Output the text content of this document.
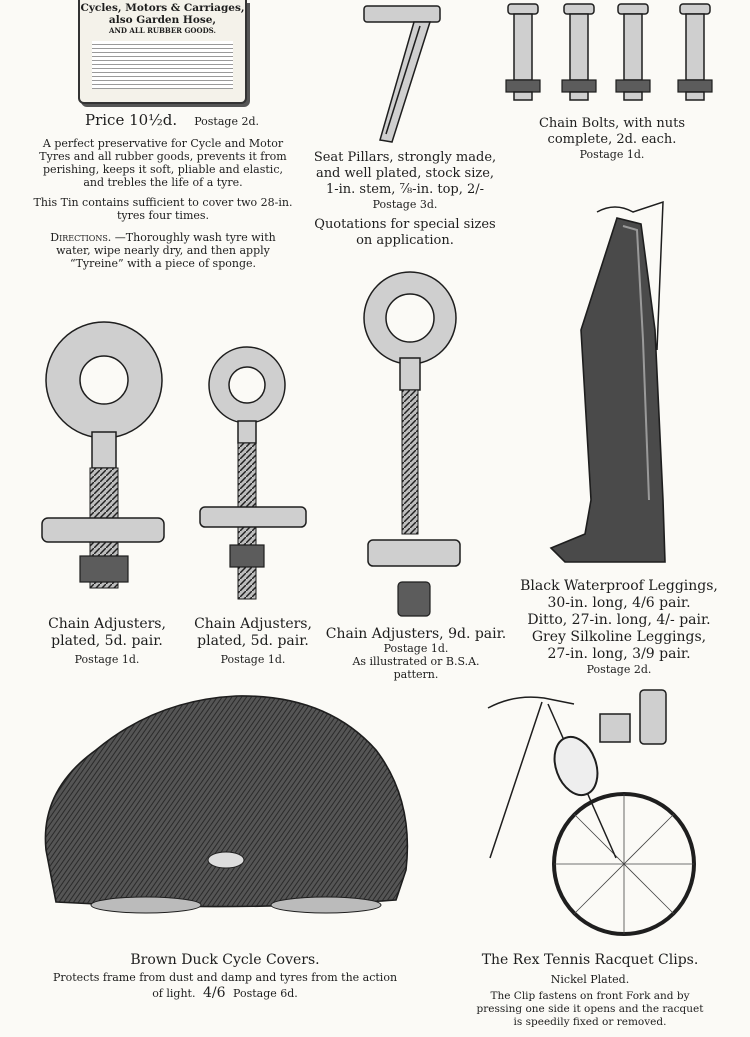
Cycles, Motors & Carriages,
also Garden Hose,
AND ALL RUBBER GOODS.
Price 10½d. Postage 2d.
A perfect preservative for Cycle and Motor Tyres and all rubber goods, prevents it from perishing, keeps it soft, pliable and elastic, and trebles the life of a tyre.
This Tin contains sufficient to cover two 28-in. tyres four times.
Directions. —Thoroughly wash tyre with water, wipe nearly dry, and then apply “Tyreine” with a piece of sponge.
Seat Pillars, strongly made,
and well plated, stock size,
1-in. stem, ⅞-in. top, 2/-
Postage 3d.
Quotations for special sizes
on application.
Chain Bolts, with nuts
complete, 2d. each.
Postage 1d.
Chain Adjusters,
plated, 5d. pair.
Postage 1d.
Chain Adjusters,
plated, 5d. pair.
Postage 1d.
Chain Adjusters, 9d. pair.
Postage 1d.
As illustrated or B.S.A.
pattern.
Black Waterproof Leggings,
30-in. long, 4/6 pair.
Ditto, 27-in. long, 4/- pair.
Grey Silkoline Leggings,
27-in. long, 3/9 pair.
Postage 2d.
Brown Duck Cycle Covers.
Protects frame from dust and damp and tyres from the action
of light. 4/6 Postage 6d.
The Rex Tennis Racquet Clips.
Nickel Plated.
The Clip fastens on front Fork and by
pressing one side it opens and the racquet
is speedily fixed or removed.
